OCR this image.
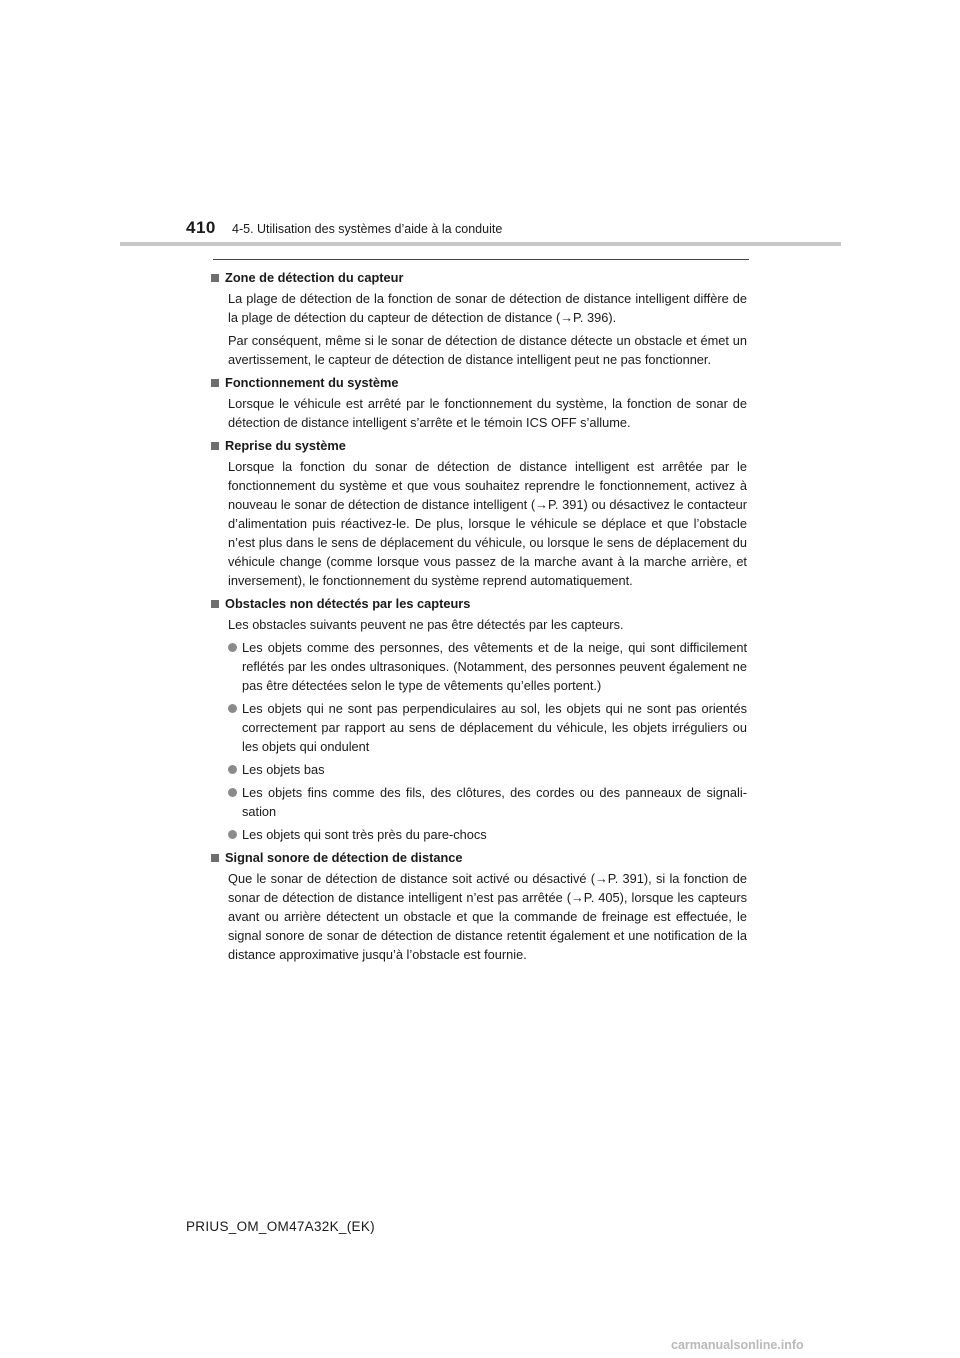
410 4-5. Utilisation des systèmes d’aide à la conduite
Zone de détection du capteur
La plage de détection de la fonction de sonar de détection de distance intelligent diffère de la plage de détection du capteur de détection de distance (→P. 396).
Par conséquent, même si le sonar de détection de distance détecte un obstacle et émet un avertissement, le capteur de détection de distance intelligent peut ne pas fonctionner.
Fonctionnement du système
Lorsque le véhicule est arrêté par le fonctionnement du système, la fonction de sonar de détection de distance intelligent s’arrête et le témoin ICS OFF s’allume.
Reprise du système
Lorsque la fonction du sonar de détection de distance intelligent est arrêtée par le fonctionnement du système et que vous souhaitez reprendre le fonctionnement, activez à nouveau le sonar de détection de distance intelligent (→P. 391) ou désactivez le contacteur d’alimentation puis réactivez-le. De plus, lorsque le véhicule se déplace et que l’obstacle n’est plus dans le sens de déplacement du véhicule, ou lorsque le sens de déplacement du véhicule change (comme lorsque vous passez de la marche avant à la marche arrière, et inversement), le fonctionnement du système reprend automatiquement.
Obstacles non détectés par les capteurs
Les obstacles suivants peuvent ne pas être détectés par les capteurs.
Les objets comme des personnes, des vêtements et de la neige, qui sont difficilement reflétés par les ondes ultrasoniques. (Notamment, des personnes peuvent également ne pas être détectées selon le type de vêtements qu’elles portent.)
Les objets qui ne sont pas perpendiculaires au sol, les objets qui ne sont pas orientés correctement par rapport au sens de déplacement du véhicule, les objets irréguliers ou les objets qui ondulent
Les objets bas
Les objets fins comme des fils, des clôtures, des cordes ou des panneaux de signalisation
Les objets qui sont très près du pare-chocs
Signal sonore de détection de distance
Que le sonar de détection de distance soit activé ou désactivé (→P. 391), si la fonction de sonar de détection de distance intelligent n’est pas arrêtée (→P. 405), lorsque les capteurs avant ou arrière détectent un obstacle et que la commande de freinage est effectuée, le signal sonore de sonar de détection de distance retentit également et une notification de la distance approximative jusqu’à l’obstacle est fournie.
PRIUS_OM_OM47A32K_(EK)
carmanualsonline.info
